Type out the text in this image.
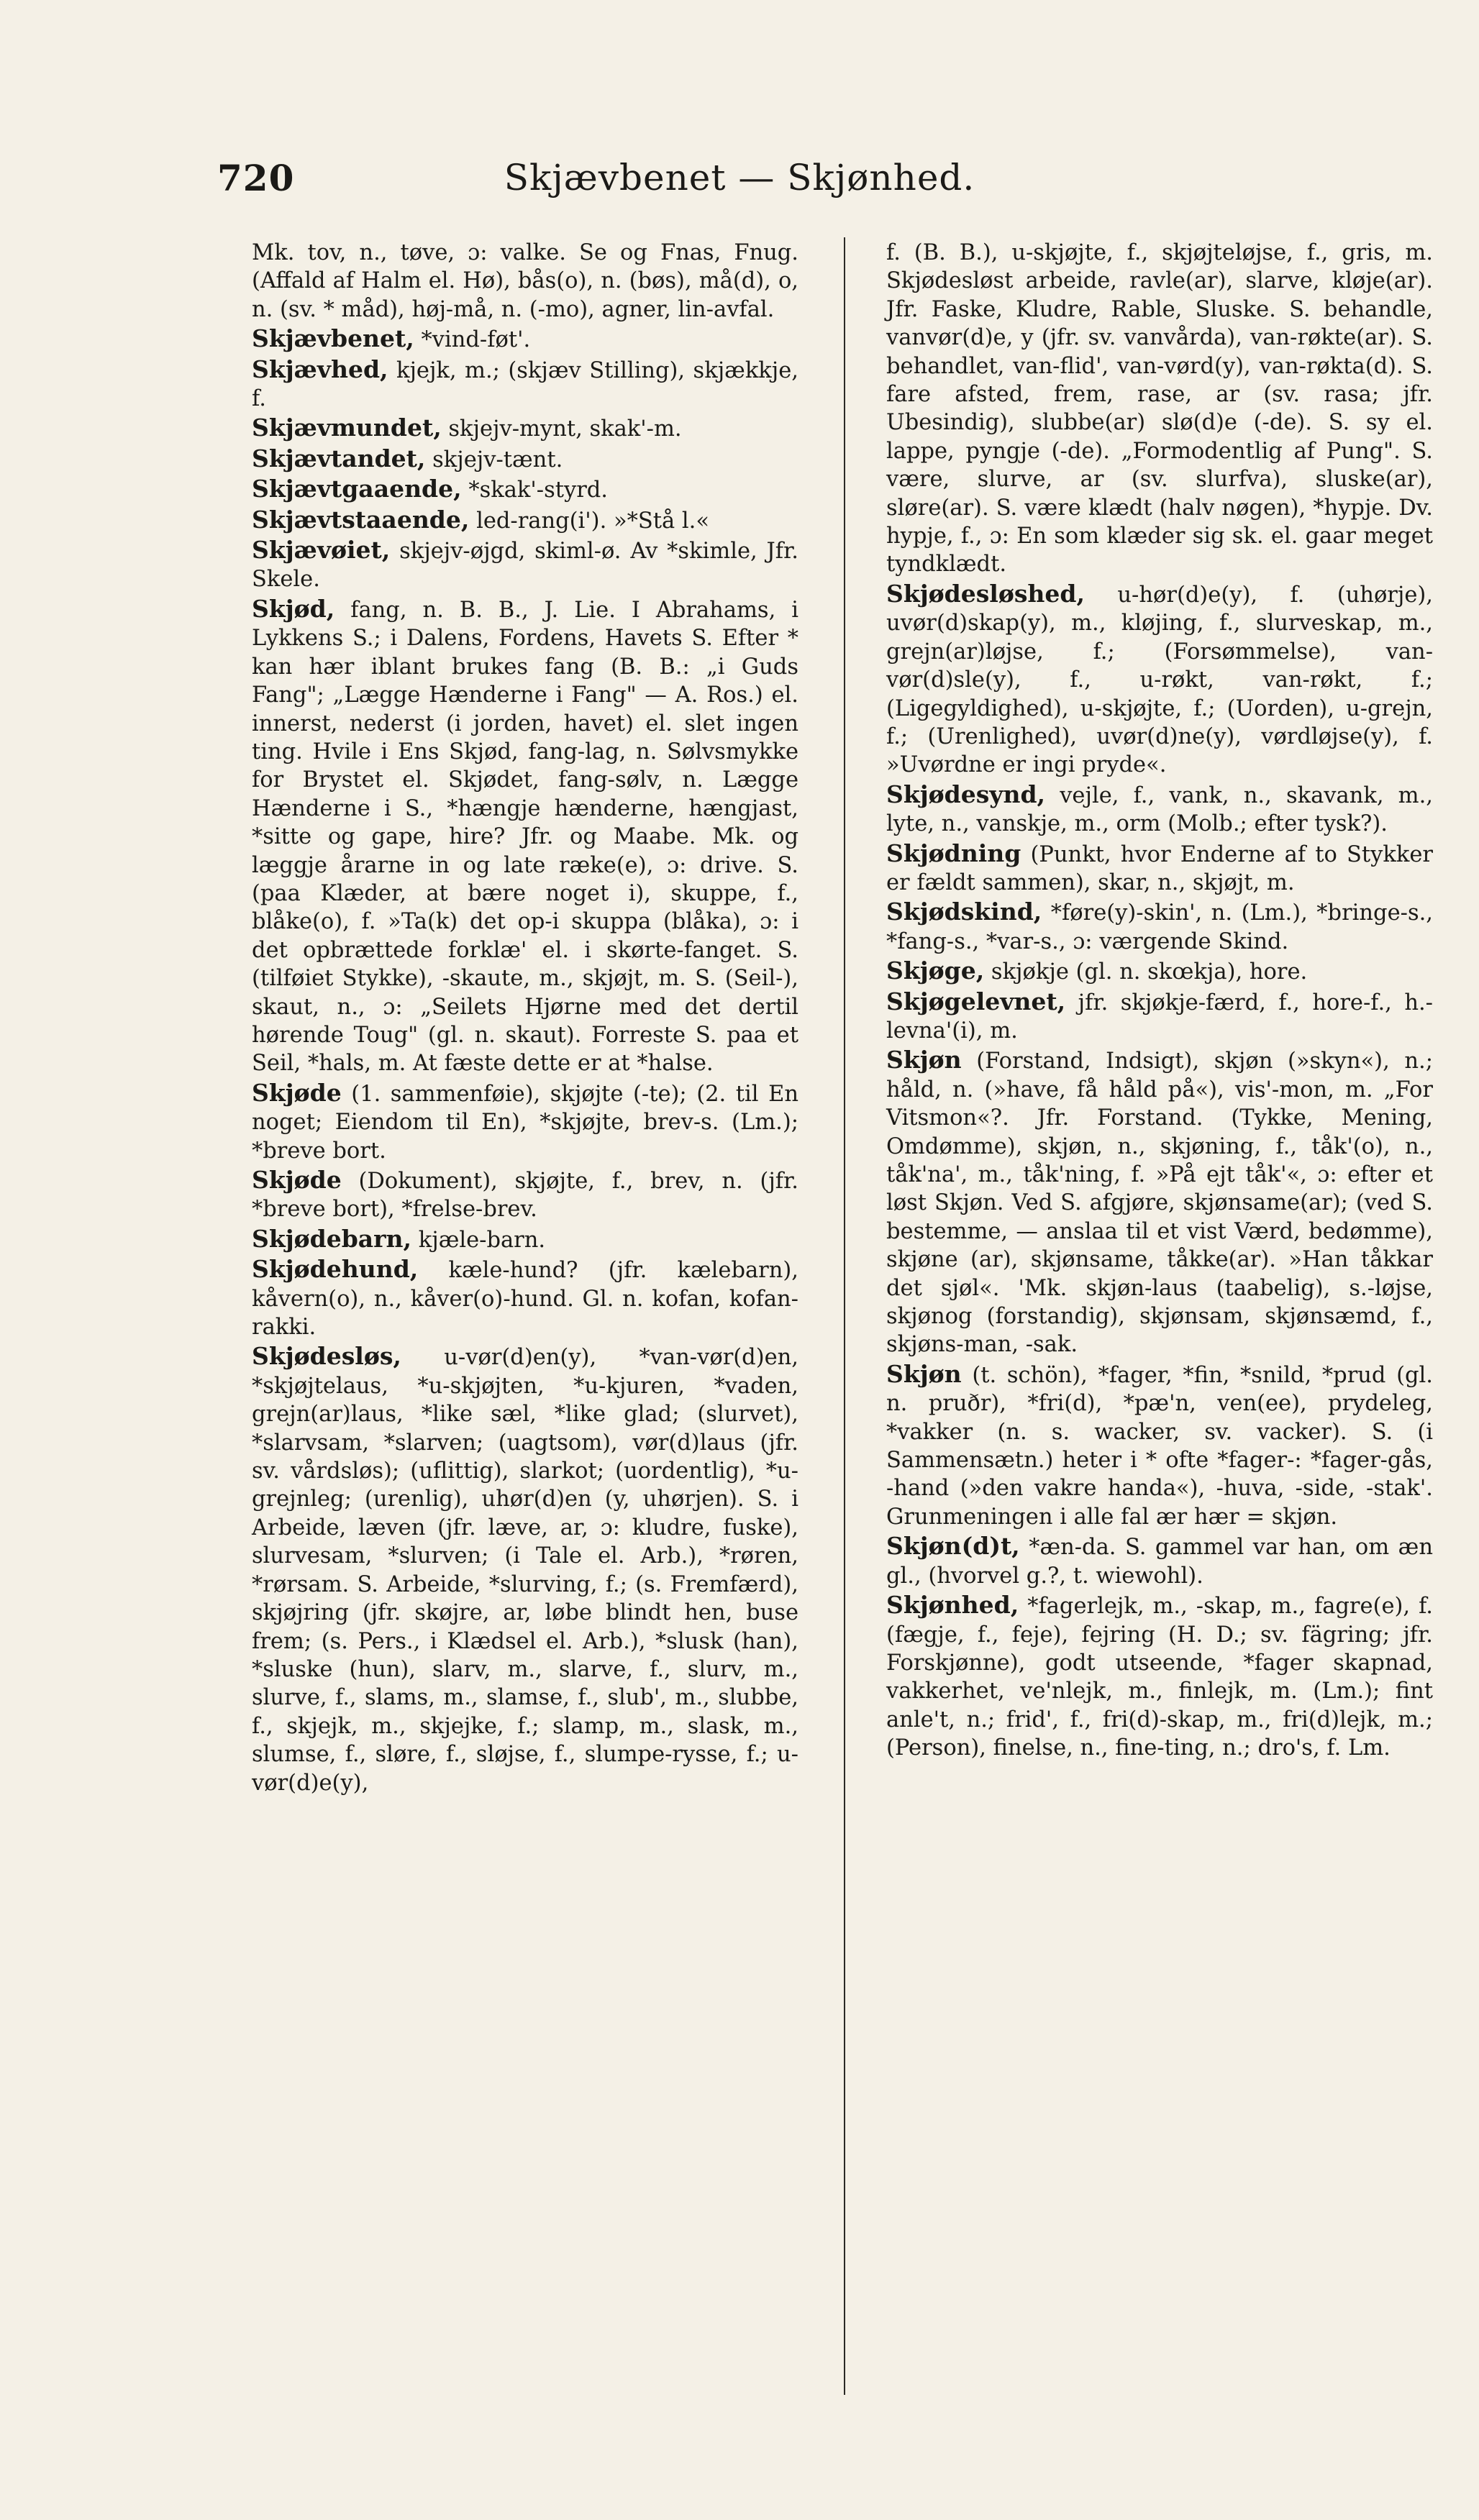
720	Skjævbenet — Skjønhed.

Mk. tov, n., tøve, ɔ: valke. Se og Fnas, Fnug. (Affald af Halm el. Hø), bås(o), n. (bøs), må(d), o, n. (sv. * måd), høj-må, n. (-mo), agner, lin-avfal.

Skjævbenet, *vind-føt'.

Skjævhed, kjejk, m.; (skjæv Stilling), skjækkje, f.

Skjævmundet, skjejv-mynt, skak'-m.

Skjævtandet, skjejv-tænt.

Skjævtgaaende, *skak'-styrd.

Skjævtstaaende, led-rang(i'). »*Stå l.«

Skjævøiet, skjejv-øjgd, skiml-ø. Av *skimle, Jfr. Skele.

Skjød, fang, n. B. B., J. Lie. I Abrahams, i Lykkens S.; i Dalens, Fordens, Havets S. Efter * kan hær iblant brukes fang (B. B.: „i Guds Fang"; „Lægge Hænderne i Fang" — A. Ros.) el. innerst, nederst (i jorden, havet) el. slet ingen ting. Hvile i Ens Skjød, fang-lag, n. Sølvsmykke for Brystet el. Skjødet, fang-sølv, n. Lægge Hænderne i S., *hængje hænderne, hængjast, *sitte og gape, hire? Jfr. og Maabe. Mk. og læggje årarne in og late ræke(e), ɔ: drive. S. (paa Klæder, at bære noget i), skuppe, f., blåke(o), f. »Ta(k) det op-i skuppa (blåka), ɔ: i det opbrættede forklæ' el. i skørte-fanget. S. (tilføiet Stykke), -skaute, m., skjøjt, m. S. (Seil-), skaut, n., ɔ: „Seilets Hjørne med det dertil hørende Toug" (gl. n. skaut). Forreste S. paa et Seil, *hals, m. At fæste dette er at *halse.

Skjøde (1. sammenføie), skjøjte (-te); (2. til En noget; Eiendom til En), *skjøjte, brev-s. (Lm.); *breve bort.

Skjøde (Dokument), skjøjte, f., brev, n. (jfr. *breve bort), *frelse-brev.

Skjødebarn, kjæle-barn.

Skjødehund, kæle-hund? (jfr. kælebarn), kåvern(o), n., kåver(o)-hund. Gl. n. kofan, kofan-rakki.

Skjødesløs, u-vør(d)en(y), *van-vør(d)en, *skjøjtelaus, *u-skjøjten, *u-kjuren, *vaden, grejn(ar)laus, *like sæl, *like glad; (slurvet), *slarvsam, *slarven; (uagtsom), vør(d)laus (jfr. sv. vårdsløs); (uflittig), slarkot; (uordentlig), *u-grejnleg; (urenlig), uhør(d)en (y, uhørjen). S. i Arbeide, læven (jfr. læve, ar, ɔ: kludre, fuske), slurvesam, *slurven; (i Tale el. Arb.), *røren, *rørsam. S. Arbeide, *slurving, f.; (s. Fremfærd), skjøjring (jfr. skøjre, ar, løbe blindt hen, buse frem; (s. Pers., i Klædsel el. Arb.), *slusk (han), *sluske (hun), slarv, m., slarve, f., slurv, m., slurve, f., slams, m., slamse, f., slub', m., slubbe, f., skjejk, m., skjejke, f.; slamp, m., slask, m., slumse, f., sløre, f., sløjse, f., slumpe-rysse, f.; u-vør(d)e(y),

f. (B. B.), u-skjøjte, f., skjøjteløjse, f., gris, m. Skjødesløst arbeide, ravle(ar), slarve, kløje(ar). Jfr. Faske, Kludre, Rable, Sluske. S. behandle, vanvør(d)e, y (jfr. sv. vanvårda), van-røkte(ar). S. behandlet, van-flid', van-vørd(y), van-røkta(d). S. fare afsted, frem, rase, ar (sv. rasa; jfr. Ubesindig), slubbe(ar) slø(d)e (-de). S. sy el. lappe, pyngje (-de). „Formodentlig af Pung". S. være, slurve, ar (sv. slurfva), sluske(ar), sløre(ar). S. være klædt (halv nøgen), *hypje. Dv. hypje, f., ɔ: En som klæder sig sk. el. gaar meget tyndklædt.

Skjødesløshed, u-hør(d)e(y), f. (uhørje), uvør(d)skap(y), m., kløjing, f., slurveskap, m., grejn(ar)løjse, f.; (Forsømmelse), van-vør(d)sle(y), f., u-røkt, van-røkt, f.; (Ligegyldighed), u-skjøjte, f.; (Uorden), u-grejn, f.; (Urenlighed), uvør(d)ne(y), vørdløjse(y), f. »Uvørdne er ingi pryde«.

Skjødesynd, vejle, f., vank, n., skavank, m., lyte, n., vanskje, m., orm (Molb.; efter tysk?).

Skjødning (Punkt, hvor Enderne af to Stykker er fældt sammen), skar, n., skjøjt, m.

Skjødskind, *føre(y)-skin', n. (Lm.), *bringe-s., *fang-s., *var-s., ɔ: værgende Skind.

Skjøge, skjøkje (gl. n. skœkja), hore.

Skjøgelevnet, jfr. skjøkje-færd, f., hore-f., h.-levna'(i), m.

Skjøn (Forstand, Indsigt), skjøn (»skyn«), n.; håld, n. (»have, få håld på«), vis'-mon, m. „For Vitsmon«?. Jfr. Forstand. (Tykke, Mening, Omdømme), skjøn, n., skjøning, f., tåk'(o), n., tåk'na', m., tåk'ning, f. »På ejt tåk'«, ɔ: efter et løst Skjøn. Ved S. afgjøre, skjønsame(ar); (ved S. bestemme, — anslaa til et vist Værd, bedømme), skjøne (ar), skjønsame, tåkke(ar). »Han tåkkar det sjøl«. 'Mk. skjøn-laus (taabelig), s.-løjse, skjønog (forstandig), skjønsam, skjønsæmd, f., skjøns-man, -sak.

Skjøn (t. schön), *fager, *fin, *snild, *prud (gl. n. pruðr), *fri(d), *pæ'n, ven(ee), prydeleg, *vakker (n. s. wacker, sv. vacker). S. (i Sammensætn.) heter i * ofte *fager-: *fager-gås, -hand (»den vakre handa«), -huva, -side, -stak'. Grunmeningen i alle fal ær hær = skjøn.

Skjøn(d)t, *æn-da. S. gammel var han, om æn gl., (hvorvel g.?, t. wiewohl).

Skjønhed, *fagerlejk, m., -skap, m., fagre(e), f. (fægje, f., feje), fejring (H. D.; sv. fägring; jfr. Forskjønne), godt utseende, *fager skapnad, vakkerhet, ve'nlejk, m., finlejk, m. (Lm.); fint anle't, n.; frid', f., fri(d)-skap, m., fri(d)lejk, m.; (Person), finelse, n., fine-ting, n.; dro's, f. Lm.
